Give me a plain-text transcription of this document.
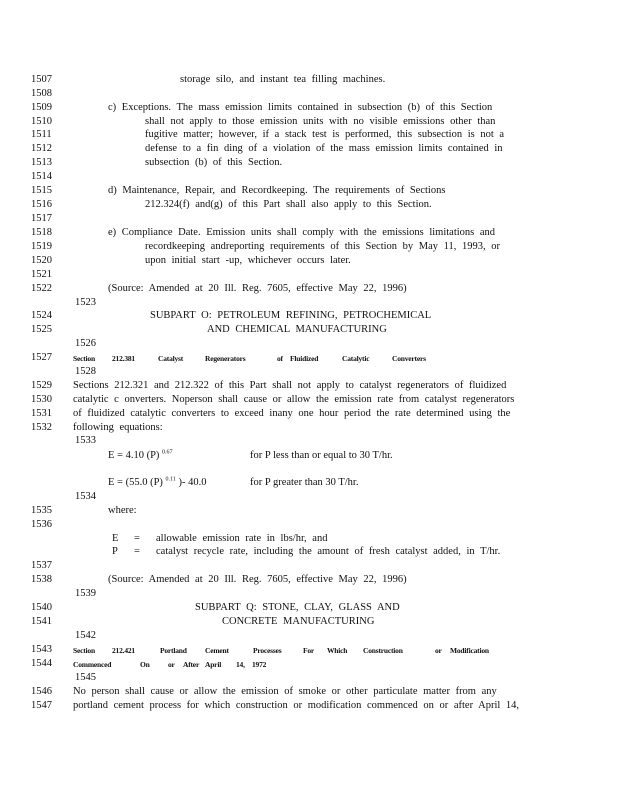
1507	storage silo, and instant tea filling machines.
1508
1509	c) Exceptions. The mass emission limits contained in subsection (b) of this Section
1510	shall not apply to those emission units with no visible emissions other than
1511	fugitive matter; however, if a stack test is performed, this subsection is not a
1512	defense to a fin ding of a violation of the mass emission limits contained in
1513	subsection (b) of this Section.
1514
1515	d) Maintenance, Repair, and Recordkeeping. The requirements of Sections
1516	212.324(f) and(g) of this Part shall also apply to this Section.
1517
1518	e) Compliance Date. Emission units shall comply with the emissions limitations and
1519	recordkeeping andreporting requirements of this Section by May 11, 1993, or
1520	upon initial start -up, whichever occurs later.
1521
1522	(Source: Amended at 20 Ill. Reg. 7605, effective May 22, 1996)
1523
1524	SUBPART O: PETROLEUM REFINING, PETROCHEMICAL
1525	AND CHEMICAL MANUFACTURING
1526
1527
1528
1529 Sections 212.321 and 212.322 of this Part shall not apply to catalyst regenerators of fluidized
1530 catalytic c onverters. Noperson shall cause or allow the emission rate from catalyst regenerators
1531 of fluidized catalytic converters to exceed inany one hour period the rate determined using the
1532 following equations:
1533
1534
1535	where:
1536
1537
1538	(Source: Amended at 20 Ill. Reg. 7605, effective May 22, 1996)
1539
1540	SUBPART Q: STONE, CLAY, GLASS AND
1541	CONCRETE MANUFACTURING
1542
1543
1544
1545
1546 No person shall cause or allow the emission of smoke or other particulate matter from any
1547 portland cement process for which construction or modification commenced on or after April 14,
Section 212.381	Catalyst	Regenerators	of Fluidized	Catalytic	Converters
Section 212.421	Portland Cement	Processes	For Which Construction	or Modification
Commenced	On or After April 14, 1972
E = 4.10 (P) $^{0.67}$	for P less than or equal to 30 T/hr.
E = (55.0 (P) $^{0.11}$ )- 40.0	for P greater than 30 T/hr.
E = allowable emission rate in lbs/hr, and
P = catalyst recycle rate, including the amount of fresh catalyst added, in T/hr.
